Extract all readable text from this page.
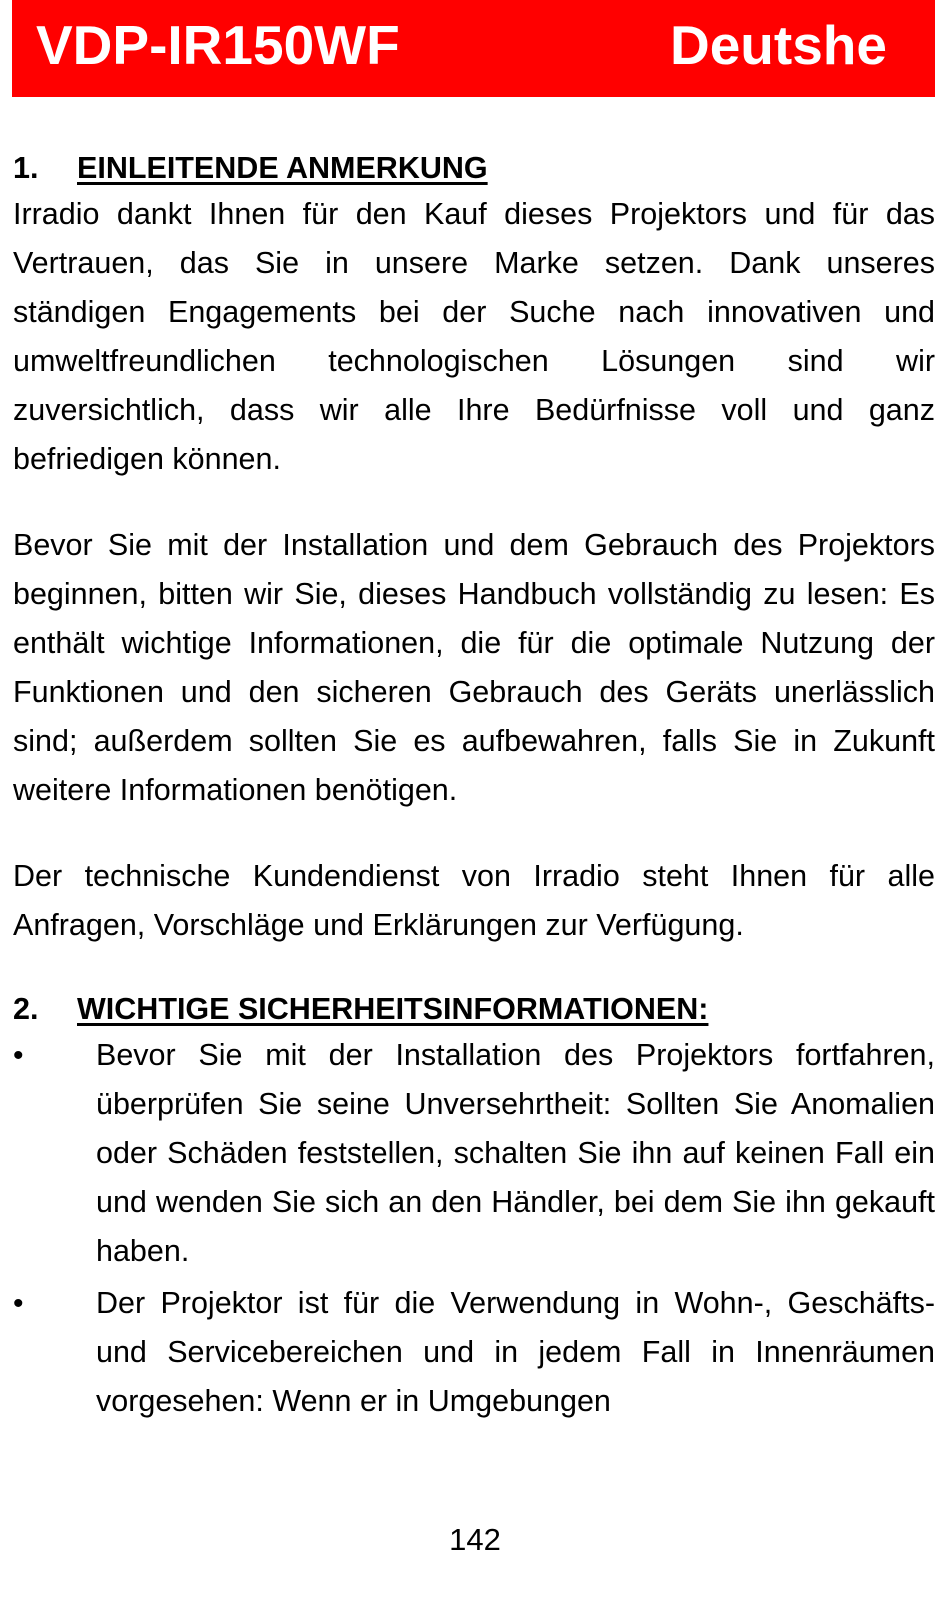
VDP-IR150WF	Deutshe
1.	EINLEITENDE ANMERKUNG

Irradio dankt Ihnen für den Kauf dieses Projektors und für das Vertrauen, das Sie in unsere Marke setzen. Dank unseres ständigen Engagements bei der Suche nach innovativen und umweltfreundlichen technologischen Lösungen sind wir zuversichtlich, dass wir alle Ihre Bedürfnisse voll und ganz befriedigen können.

Bevor Sie mit der Installation und dem Gebrauch des Projektors beginnen, bitten wir Sie, dieses Handbuch vollständig zu lesen: Es enthält wichtige Informationen, die für die optimale Nutzung der Funktionen und den sicheren Gebrauch des Geräts unerlässlich sind; außerdem sollten Sie es aufbewahren, falls Sie in Zukunft weitere Informationen benötigen.

Der technische Kundendienst von Irradio steht Ihnen für alle Anfragen, Vorschläge und Erklärungen zur Verfügung.

2.	WICHTIGE SICHERHEITSINFORMATIONEN:
•	Bevor Sie mit der Installation des Projektors fortfahren, überprüfen Sie seine Unversehrtheit: Sollten Sie Anomalien oder Schäden feststellen, schalten Sie ihn auf keinen Fall ein und wenden Sie sich an den Händler, bei dem Sie ihn gekauft haben.
•	Der Projektor ist für die Verwendung in Wohn-, Geschäfts- und Servicebereichen und in jedem Fall in Innenräumen vorgesehen: Wenn er in Umgebungen
142
